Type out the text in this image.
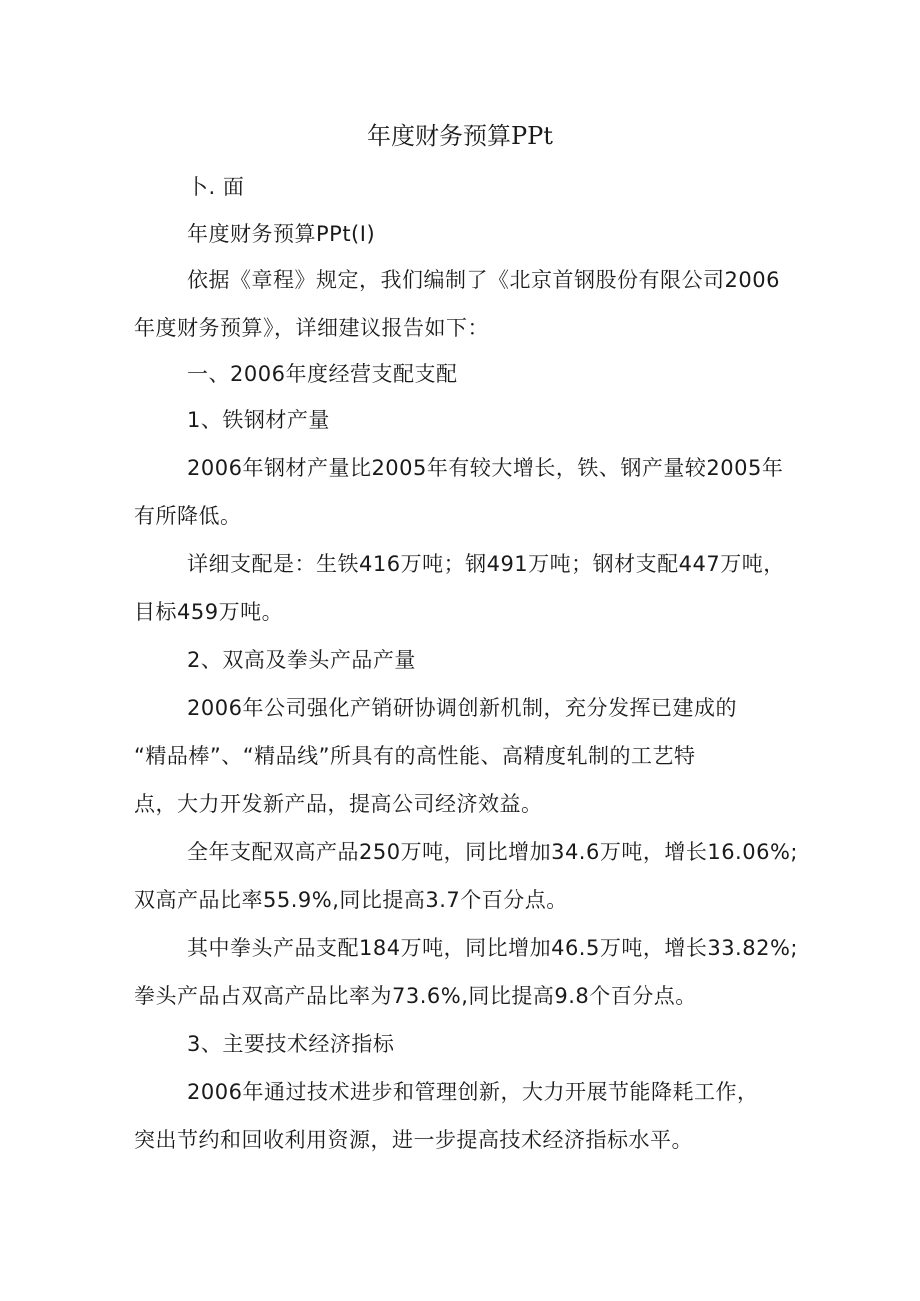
年度财务预算PPt

卜. 面

年度财务预算PPt(I)

依据《章程》规定，我们编制了《北京首钢股份有限公司2006
年度财务预算》，详细建议报告如下：

一、2006年度经营支配支配

1、铁钢材产量

2006年钢材产量比2005年有较大增长，铁、钢产量较2005年
有所降低。

详细支配是：生铁416万吨；钢491万吨；钢材支配447万吨，
目标459万吨。

2、双高及拳头产品产量

2006年公司强化产销研协调创新机制，充分发挥已建成的
“精品棒”、“精品线”所具有的高性能、高精度轧制的工艺特
点，大力开发新产品，提高公司经济效益。

全年支配双高产品250万吨，同比增加34.6万吨，增长16.06%;
双高产品比率55.9%,同比提高3.7个百分点。

其中拳头产品支配184万吨，同比增加46.5万吨，增长33.82%;
拳头产品占双高产品比率为73.6%,同比提高9.8个百分点。

3、主要技术经济指标

2006年通过技术进步和管理创新，大力开展节能降耗工作，
突出节约和回收利用资源，进一步提高技术经济指标水平。
